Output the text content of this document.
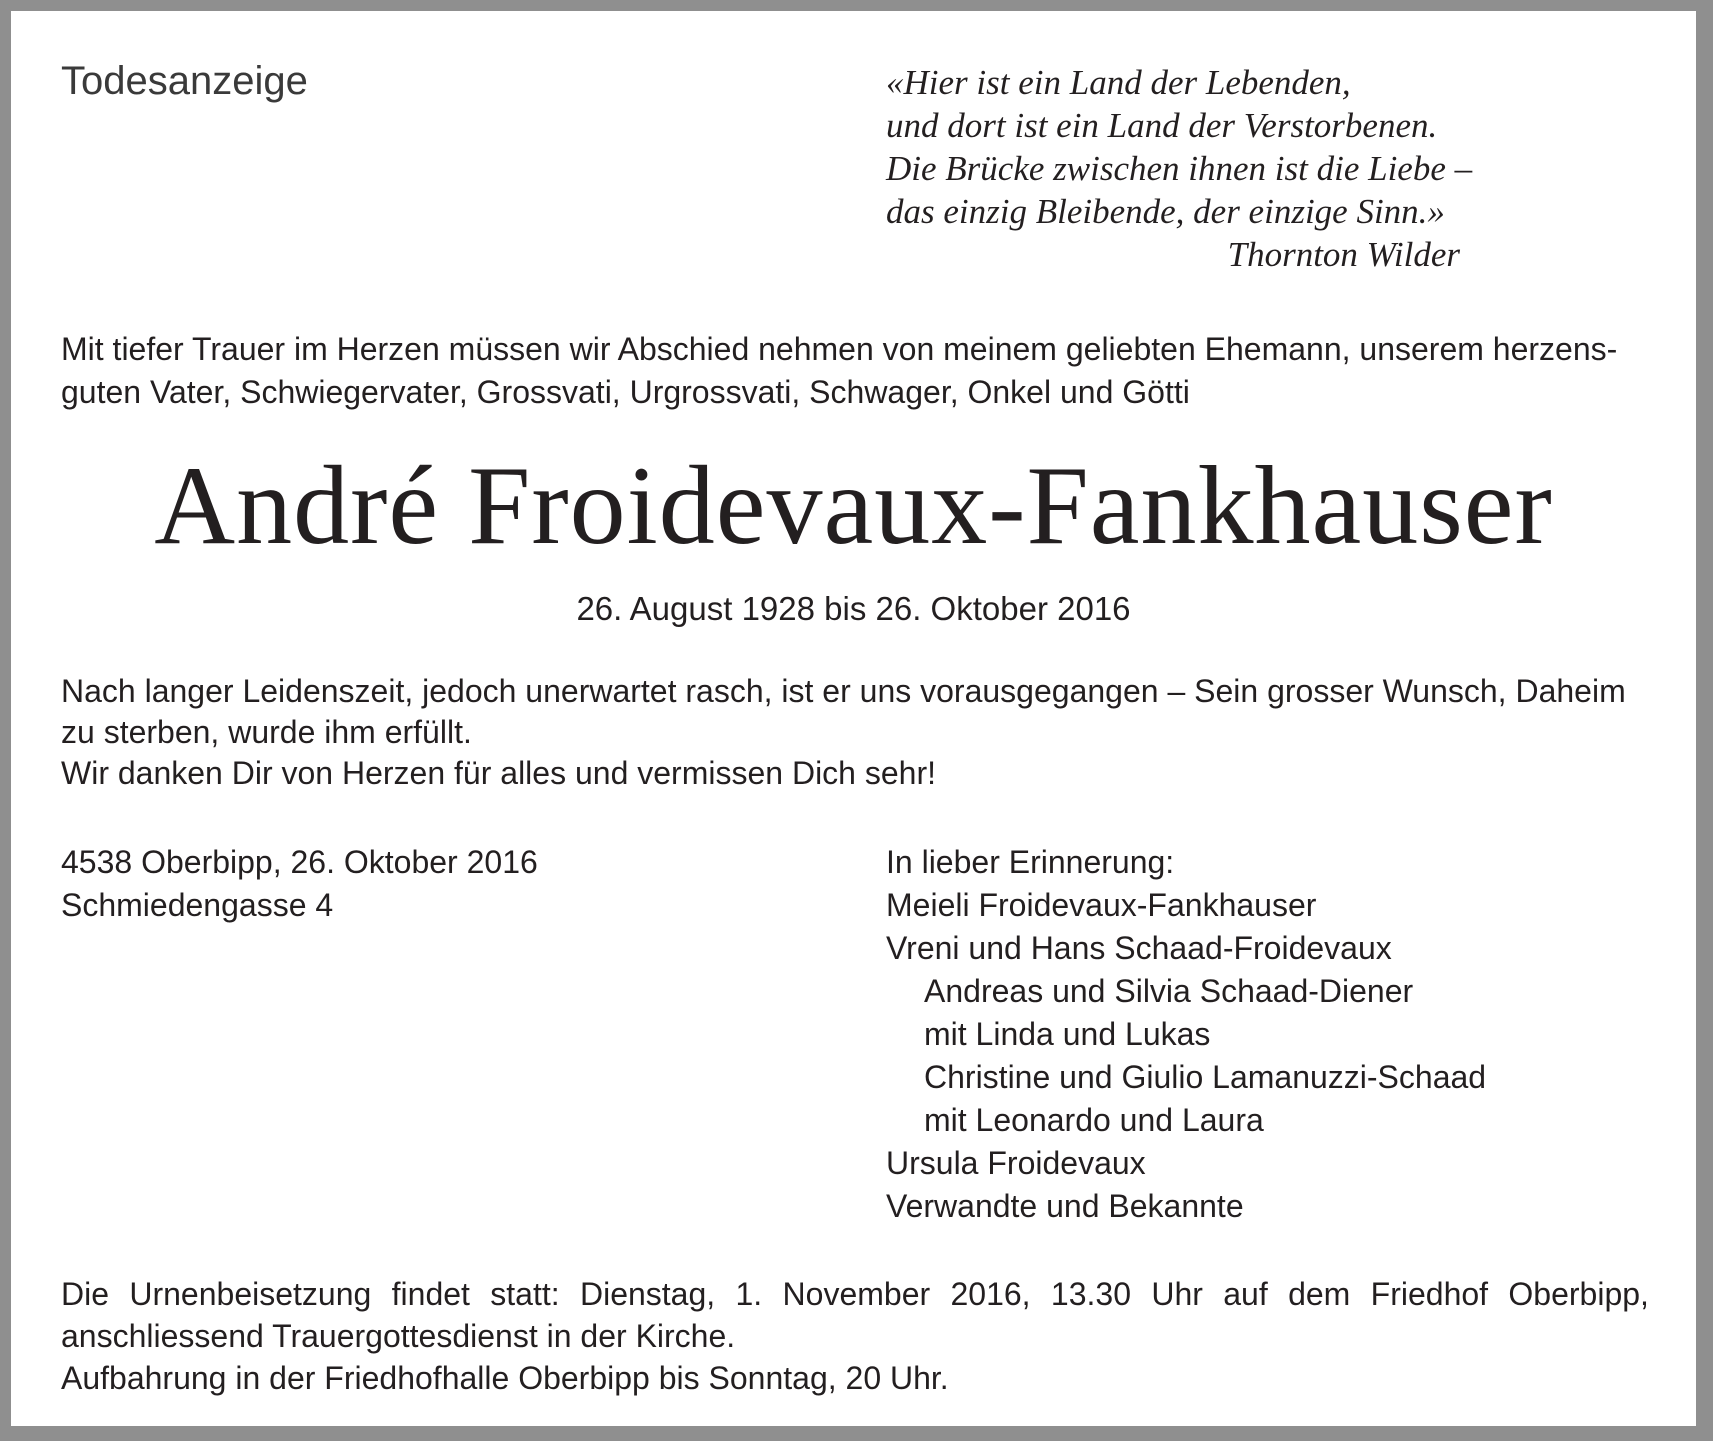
Todesanzeige	«Hier ist ein Land der Lebenden,
und dort ist ein Land der Verstorbenen.
Die Brücke zwischen ihnen ist die Liebe –
das einzig Bleibende, der einzige Sinn.»
Thornton Wilder
Mit tiefer Trauer im Herzen müssen wir Abschied nehmen von meinem geliebten Ehemann, unserem herzens-
guten Vater, Schwiegervater, Grossvati, Urgrossvati, Schwager, Onkel und Götti
André Froidevaux-Fankhauser

26. August 1928 bis 26. Oktober 2016

Nach langer Leidenszeit, jedoch unerwartet rasch, ist er uns vorausgegangen – Sein grosser Wunsch, Daheim
zu sterben, wurde ihm erfüllt.
Wir danken Dir von Herzen für alles und vermissen Dich sehr!
4538 Oberbipp, 26. Oktober 2016
Schmiedengasse 4
In lieber Erinnerung:
Meieli Froidevaux-Fankhauser
Vreni und Hans Schaad-Froidevaux
Andreas und Silvia Schaad-Diener
mit Linda und Lukas
Christine und Giulio Lamanuzzi-Schaad
mit Leonardo und Laura
Ursula Froidevaux
Verwandte und Bekannte
Die Urnenbeisetzung findet statt: Dienstag, 1. November 2016, 13.30 Uhr auf dem Friedhof Oberbipp,
anschliessend Trauergottesdienst in der Kirche.
Aufbahrung in der Friedhofhalle Oberbipp bis Sonntag, 20 Uhr.
